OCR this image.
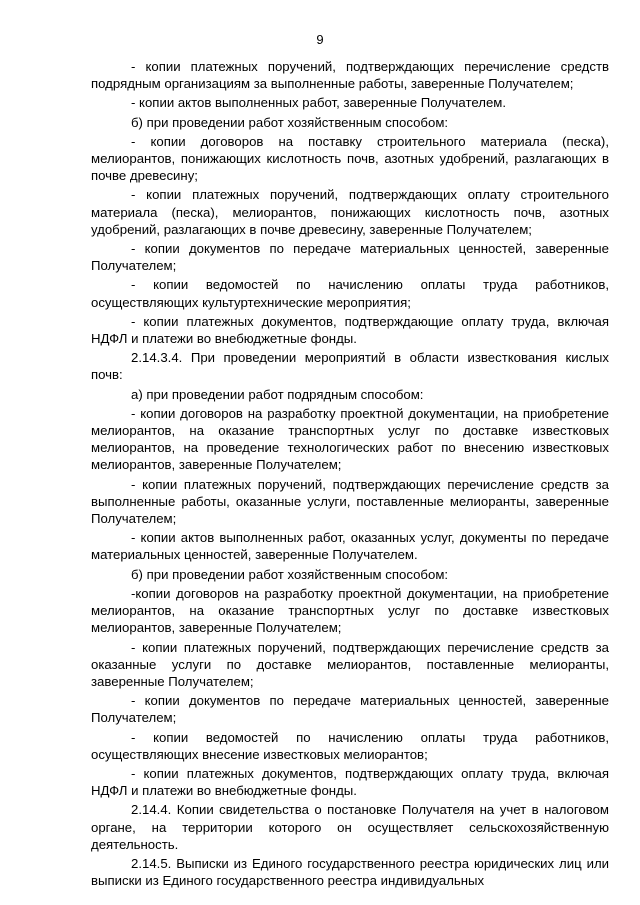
9

- копии платежных поручений, подтверждающих перечисление средств подрядным организациям за выполненные работы, заверенные Получателем;

- копии актов выполненных работ, заверенные Получателем.

б) при проведении работ хозяйственным способом:

- копии договоров на поставку строительного материала (песка), мелиорантов, понижающих кислотность почв, азотных удобрений, разлагающих в почве древесину;

- копии платежных поручений, подтверждающих оплату строительного материала (песка), мелиорантов, понижающих кислотность почв, азотных удобрений, разлагающих в почве древесину, заверенные Получателем;

- копии документов по передаче материальных ценностей, заверенные Получателем;

- копии ведомостей по начислению оплаты труда работников, осуществляющих культуртехнические мероприятия;

- копии платежных документов, подтверждающие оплату труда, включая НДФЛ и платежи во внебюджетные фонды.

2.14.3.4. При проведении мероприятий в области известкования кислых почв:

а) при проведении работ подрядным способом:

- копии договоров на разработку проектной документации, на приобретение мелиорантов, на оказание транспортных услуг по доставке известковых мелиорантов, на проведение технологических работ по внесению известковых мелиорантов, заверенные Получателем;

- копии платежных поручений, подтверждающих перечисление средств за выполненные работы, оказанные услуги, поставленные мелиоранты, заверенные Получателем;

- копии актов выполненных работ, оказанных услуг, документы по передаче материальных ценностей, заверенные Получателем.

б) при проведении работ хозяйственным способом:

-копии договоров на разработку проектной документации, на приобретение мелиорантов, на оказание транспортных услуг по доставке известковых мелиорантов, заверенные Получателем;

- копии платежных поручений, подтверждающих перечисление средств за оказанные услуги по доставке мелиорантов, поставленные мелиоранты, заверенные Получателем;

- копии документов по передаче материальных ценностей, заверенные Получателем;

- копии ведомостей по начислению оплаты труда работников, осуществляющих внесение известковых мелиорантов;

- копии платежных документов, подтверждающих оплату труда, включая НДФЛ и платежи во внебюджетные фонды.

2.14.4. Копии свидетельства о постановке Получателя на учет в налоговом органе, на территории которого он осуществляет сельскохозяйственную деятельность.

2.14.5. Выписки из Единого государственного реестра юридических лиц или выписки из Единого государственного реестра индивидуальных
